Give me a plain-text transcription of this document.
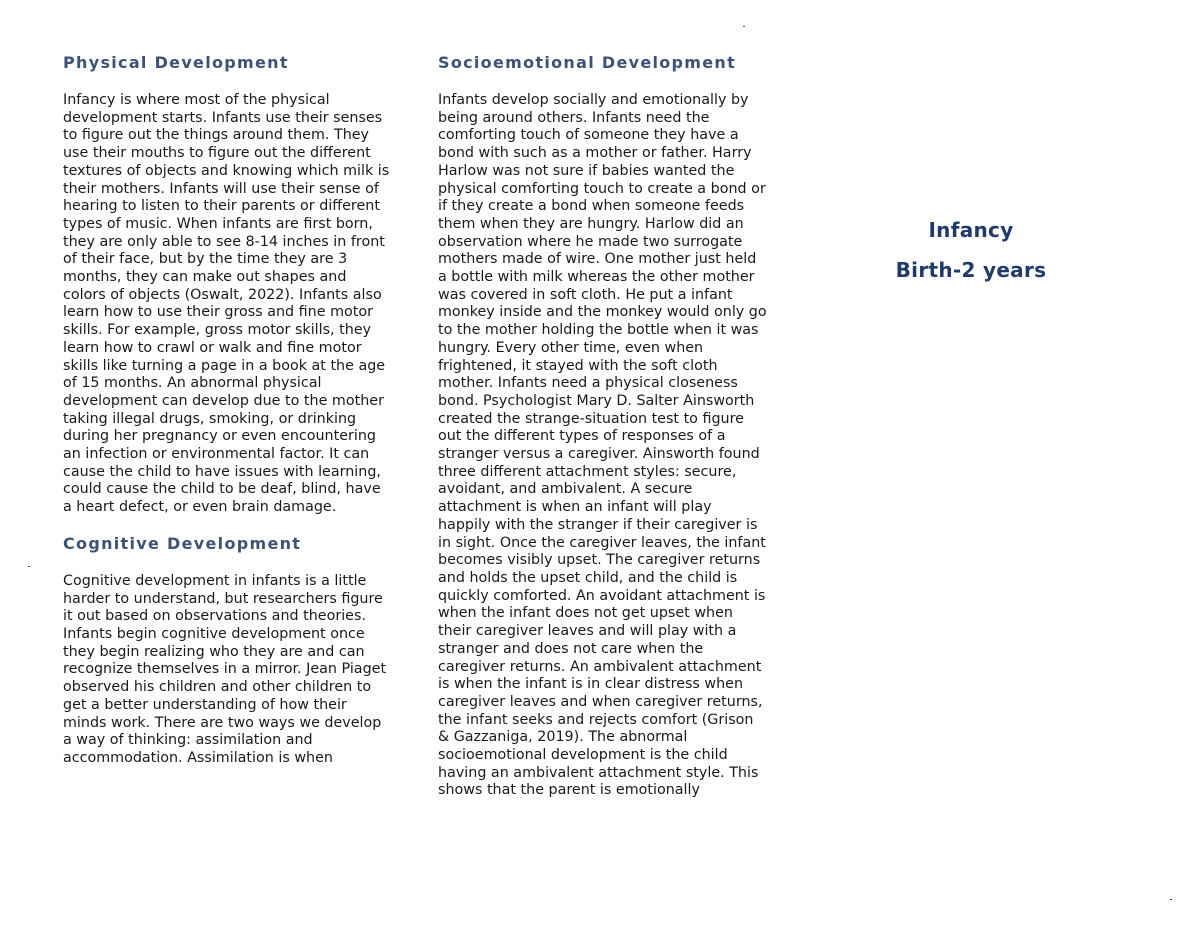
Physical Development

Infancy is where most of the physical development starts. Infants use their senses to figure out the things around them. They use their mouths to figure out the different textures of objects and knowing which milk is their mothers. Infants will use their sense of hearing to listen to their parents or different types of music. When infants are first born, they are only able to see 8-14 inches in front of their face, but by the time they are 3 months, they can make out shapes and colors of objects (Oswalt, 2022). Infants also learn how to use their gross and fine motor skills. For example, gross motor skills, they learn how to crawl or walk and fine motor skills like turning a page in a book at the age of 15 months. An abnormal physical development can develop due to the mother taking illegal drugs, smoking, or drinking during her pregnancy or even encountering an infection or environmental factor. It can cause the child to have issues with learning, could cause the child to be deaf, blind, have a heart defect, or even brain damage.

Cognitive Development

Cognitive development in infants is a little harder to understand, but researchers figure it out based on observations and theories. Infants begin cognitive development once they begin realizing who they are and can recognize themselves in a mirror. Jean Piaget observed his children and other children to get a better understanding of how their minds work. There are two ways we develop a way of thinking: assimilation and accommodation. Assimilation is when

Socioemotional Development

Infants develop socially and emotionally by being around others. Infants need the comforting touch of someone they have a bond with such as a mother or father. Harry Harlow was not sure if babies wanted the physical comforting touch to create a bond or if they create a bond when someone feeds them when they are hungry. Harlow did an observation where he made two surrogate mothers made of wire. One mother just held a bottle with milk whereas the other mother was covered in soft cloth. He put a infant monkey inside and the monkey would only go to the mother holding the bottle when it was hungry. Every other time, even when frightened, it stayed with the soft cloth mother. Infants need a physical closeness bond. Psychologist Mary D. Salter Ainsworth created the strange-situation test to figure out the different types of responses of a stranger versus a caregiver. Ainsworth found three different attachment styles: secure, avoidant, and ambivalent. A secure attachment is when an infant will play happily with the stranger if their caregiver is in sight. Once the caregiver leaves, the infant becomes visibly upset. The caregiver returns and holds the upset child, and the child is quickly comforted. An avoidant attachment is when the infant does not get upset when their caregiver leaves and will play with a stranger and does not care when the caregiver returns. An ambivalent attachment is when the infant is in clear distress when caregiver leaves and when caregiver returns, the infant seeks and rejects comfort (Grison & Gazzaniga, 2019). The abnormal socioemotional development is the child having an ambivalent attachment style. This shows that the parent is emotionally

Infancy
Birth-2 years
